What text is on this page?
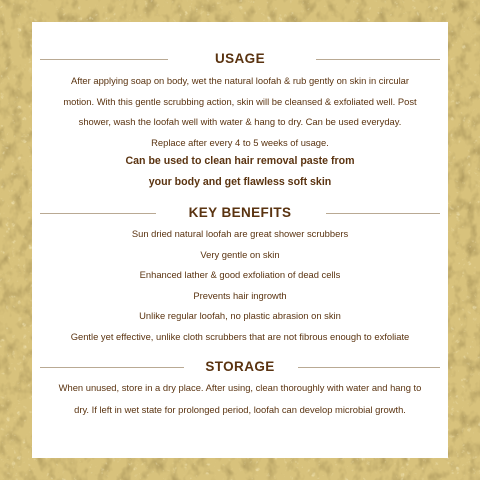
USAGE
After applying soap on body, wet the natural loofah & rub gently on skin in circular
motion. With this gentle scrubbing action, skin will be cleansed & exfoliated well. Post
shower, wash the loofah well with water & hang to dry. Can be used everyday.
Replace after every 4 to 5 weeks of usage.
Can be used to clean hair removal paste from
your body and get flawless soft skin
KEY BENEFITS
Sun dried natural loofah are great shower scrubbers
Very gentle on skin
Enhanced lather & good exfoliation of dead cells
Prevents hair ingrowth
Unlike regular loofah, no plastic abrasion on skin
Gentle yet effective, unlike cloth scrubbers that are not fibrous enough to exfoliate
STORAGE
When unused, store in a dry place. After using, clean thoroughly with water and hang to
dry. If left in wet state for prolonged period, loofah can develop microbial growth.
